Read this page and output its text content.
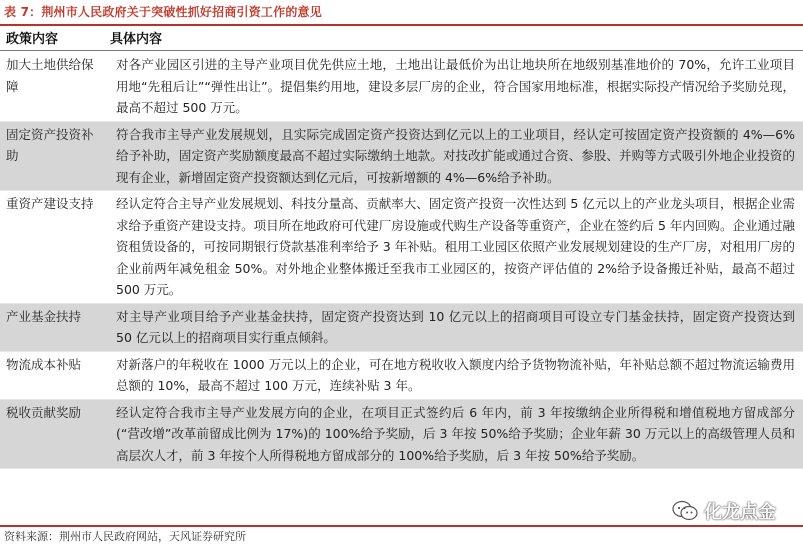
表 7：荆州市人民政府关于突破性抓好招商引资工作的意见
政策内容	具体内容
加大土地供给保障	对各产业园区引进的主导产业项目优先供应土地，土地出让最低价为出让地块所在地级别基准地价的 70%，允许工业项目用地“先租后让”“弹性出让”。提倡集约用地，建设多层厂房的企业，符合国家用地标准，根据实际投产情况给予奖励兑现，最高不超过 500 万元。
固定资产投资补助	符合我市主导产业发展规划，且实际完成固定资产投资达到亿元以上的工业项目，经认定可按固定资产投资额的 4%—6%给予补助，固定资产奖励额度最高不超过实际缴纳土地款。对技改扩能或通过合资、参股、并购等方式吸引外地企业投资的现有企业，新增固定资产投资额达到亿元后，可按新增额的 4%—6%给予补助。
重资产建设支持	经认定符合主导产业发展规划、科技分量高、贡献率大、固定资产投资一次性达到 5 亿元以上的产业龙头项目，根据企业需求给予重资产建设支持。项目所在地政府可代建厂房设施或代购生产设备等重资产，企业在签约后 5 年内回购。企业通过融资租赁设备的，可按同期银行贷款基准利率给予 3 年补贴。租用工业园区依照产业发展规划建设的生产厂房，对租用厂房的企业前两年减免租金 50%。对外地企业整体搬迁至我市工业园区的，按资产评估值的 2%给予设备搬迁补贴，最高不超过 500 万元。
产业基金扶持	对主导产业项目给予产业基金扶持，固定资产投资达到 10 亿元以上的招商项目可设立专门基金扶持，固定资产投资达到 50 亿元以上的招商项目实行重点倾斜。
物流成本补贴	对新落户的年税收在 1000 万元以上的企业，可在地方税收收入额度内给予货物物流补贴，年补贴总额不超过物流运输费用总额的 10%，最高不超过 100 万元，连续补贴 3 年。
税收贡献奖励	经认定符合我市主导产业发展方向的企业，在项目正式签约后 6 年内，前 3 年按缴纳企业所得税和增值税地方留成部分(“营改增”改革前留成比例为 17%)的 100%给予奖励，后 3 年按 50%给予奖励；企业年薪 30 万元以上的高级管理人员和高层次人才，前 3 年按个人所得税地方留成部分的 100%给予奖励，后 3 年按 50%给予奖励。
资料来源：荆州市人民政府网站，天风证券研究所
化龙点金
